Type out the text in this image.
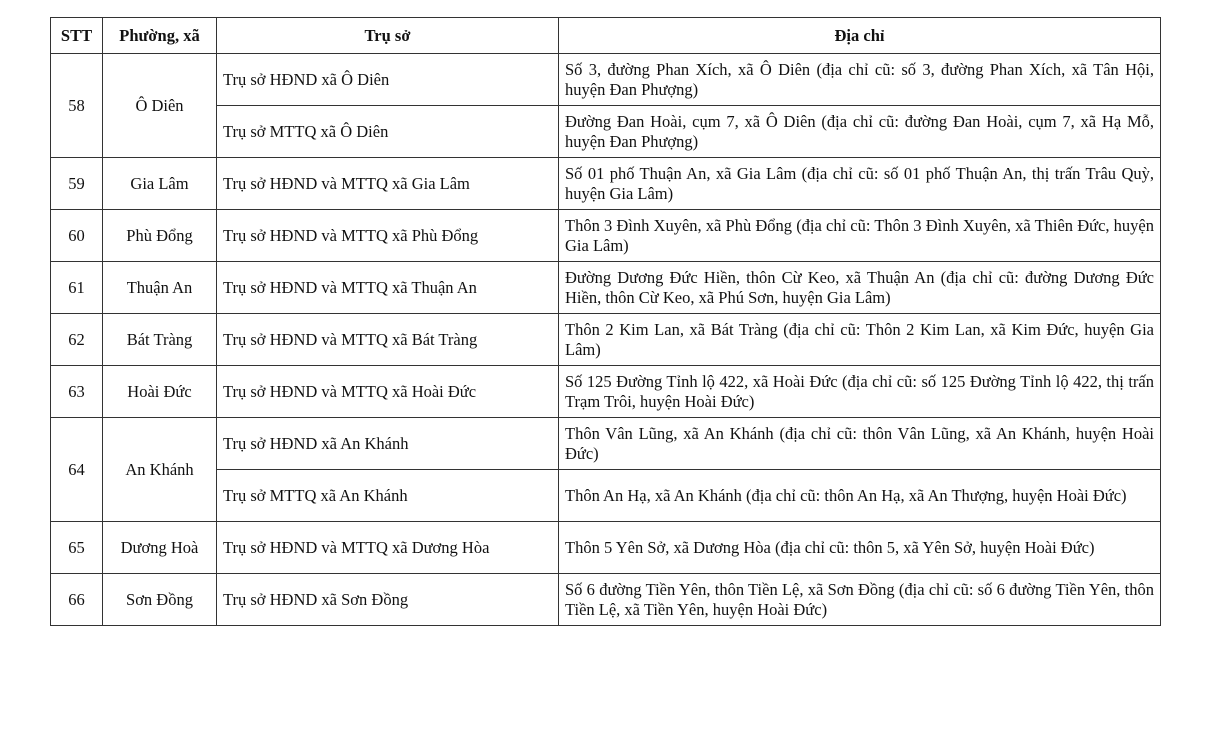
STT	Phường, xã	Trụ sở	Địa chỉ
58	Ô Diên	Trụ sở HĐND xã Ô Diên	Số 3, đường Phan Xích, xã Ô Diên (địa chỉ cũ: số 3, đường Phan Xích, xã Tân Hội, huyện Đan Phượng)
		Trụ sở MTTQ xã Ô Diên	Đường Đan Hoài, cụm 7, xã Ô Diên (địa chỉ cũ: đường Đan Hoài, cụm 7, xã Hạ Mỗ, huyện Đan Phượng)
59	Gia Lâm	Trụ sở HĐND và MTTQ xã Gia Lâm	Số 01 phố Thuận An, xã Gia Lâm (địa chỉ cũ: số 01 phố Thuận An, thị trấn Trâu Quỳ, huyện Gia Lâm)
60	Phù Đổng	Trụ sở HĐND và MTTQ xã Phù Đổng	Thôn 3 Đình Xuyên, xã Phù Đổng (địa chỉ cũ: Thôn 3 Đình Xuyên, xã Thiên Đức, huyện Gia Lâm)
61	Thuận An	Trụ sở HĐND và MTTQ xã Thuận An	Đường Dương Đức Hiền, thôn Cừ Keo, xã Thuận An (địa chỉ cũ: đường Dương Đức Hiền, thôn Cừ Keo, xã Phú Sơn, huyện Gia Lâm)
62	Bát Tràng	Trụ sở HĐND và MTTQ xã Bát Tràng	Thôn 2 Kim Lan, xã Bát Tràng (địa chỉ cũ: Thôn 2 Kim Lan, xã Kim Đức, huyện Gia Lâm)
63	Hoài Đức	Trụ sở HĐND và MTTQ xã Hoài Đức	Số 125 Đường Tỉnh lộ 422, xã Hoài Đức (địa chỉ cũ: số 125 Đường Tỉnh lộ 422, thị trấn Trạm Trôi, huyện Hoài Đức)
64	An Khánh	Trụ sở HĐND xã An Khánh	Thôn Vân Lũng, xã An Khánh (địa chỉ cũ: thôn Vân Lũng, xã An Khánh, huyện Hoài Đức)
		Trụ sở MTTQ xã An Khánh	Thôn An Hạ, xã An Khánh (địa chỉ cũ: thôn An Hạ, xã An Thượng, huyện Hoài Đức)
65	Dương Hoà	Trụ sở HĐND và MTTQ xã Dương Hòa	Thôn 5 Yên Sở, xã Dương Hòa (địa chỉ cũ: thôn 5, xã Yên Sở, huyện Hoài Đức)
66	Sơn Đồng	Trụ sở HĐND xã Sơn Đồng	Số 6 đường Tiền Yên, thôn Tiền Lệ, xã Sơn Đồng (địa chỉ cũ: số 6 đường Tiền Yên, thôn Tiền Lệ, xã Tiền Yên, huyện Hoài Đức)
